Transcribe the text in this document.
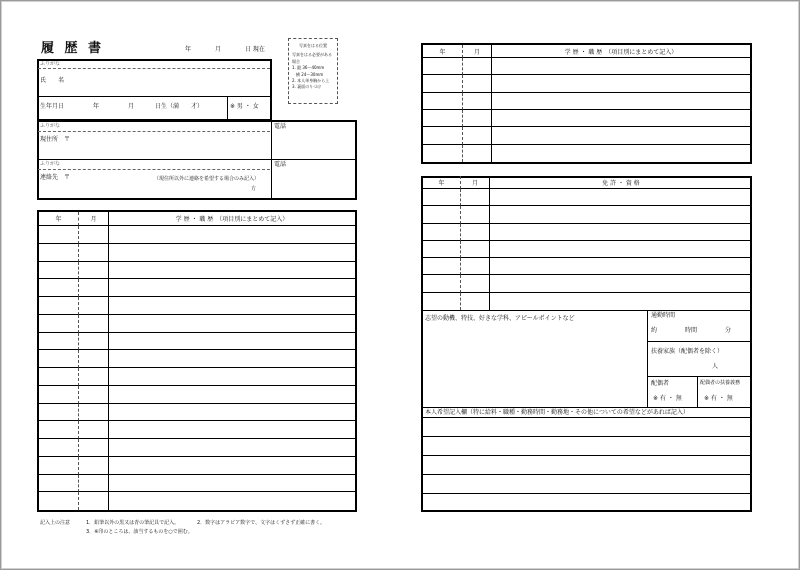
履 歴 書	年	月	日 現在
写真をはる位置
写真をはる必要がある
場合
1. 縦 36～40mm
横 24～30mm
2. 本人単身胸から上
3. 裏面のりづけ
ふりがな
氏　　名
生年月日	年	月	日生（満　　才）	※ 男 ・ 女
ふりがな
現住所　〒
電話
ふりがな
連絡先　〒	（現住所以外に連絡を希望する場合のみ記入）
方
電話
年	月	学 歴 ・ 職 歴　（項目別にまとめて記入）
記入上の注意	1．鉛筆以外の黒又は青の筆記具で記入。	2．数字はアラビア数字で、文字はくずさず正確に書く。
3．※印のところは、該当するものを○で囲む。
年	月	学 歴 ・ 職 歴　（項目別にまとめて記入）
年	月	免 許 ・ 資 格
志望の動機、特技、好きな学科、アピールポイントなど	通勤時間
約	時間	分
扶養家族（配偶者を除く）
人
配偶者
※ 有 ・ 無
配偶者の扶養義務
※ 有 ・ 無
本人希望記入欄（特に給料・職種・勤務時間・勤務地・その他についての希望などがあれば記入）
